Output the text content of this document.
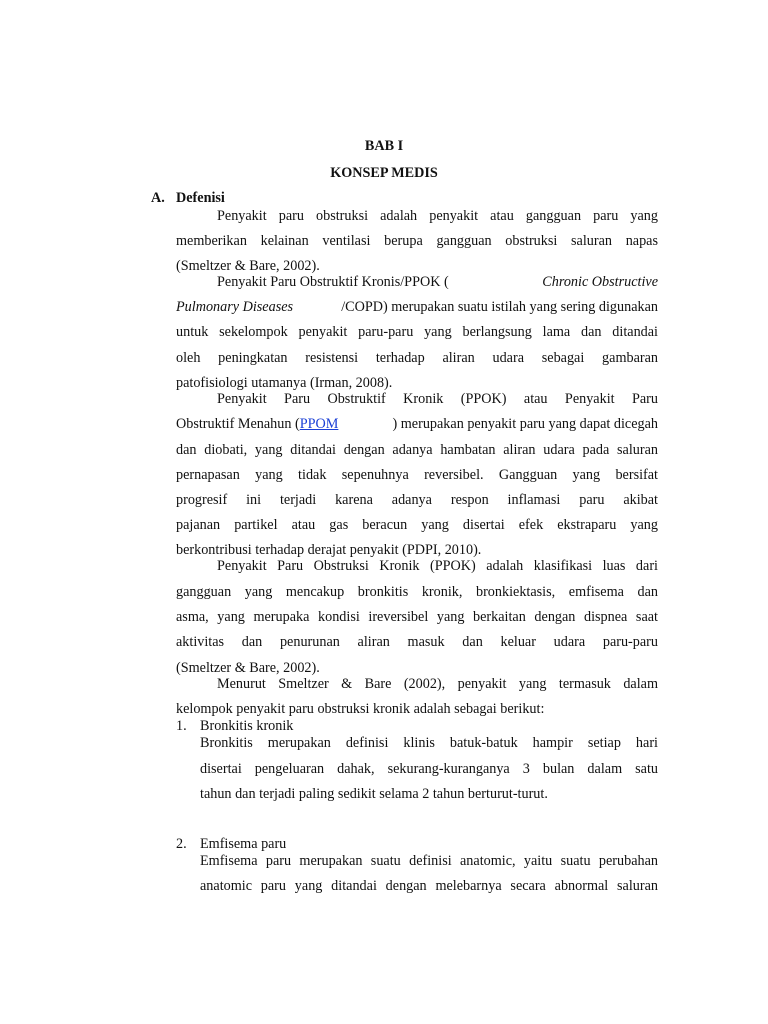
BAB I
KONSEP MEDIS
A. Defenisi
Penyakit paru obstruksi adalah penyakit atau gangguan paru yang
memberikan kelainan ventilasi berupa gangguan obstruksi saluran napas
(Smeltzer & Bare, 2002).
Penyakit Paru Obstruktif Kronis/PPOK (	Chronic Obstructive
Pulmonary Diseases	/COPD) merupakan suatu istilah yang sering digunakan
untuk sekelompok penyakit paru-paru yang berlangsung lama dan ditandai
oleh peningkatan resistensi terhadap aliran udara sebagai gambaran
patofisiologi utamanya (Irman, 2008).
Penyakit Paru Obstruktif Kronik (PPOK) atau Penyakit Paru
Obstruktif Menahun (PPOM	) merupakan penyakit paru yang dapat dicegah
dan diobati, yang ditandai dengan adanya hambatan aliran udara pada saluran
pernapasan yang tidak sepenuhnya reversibel. Gangguan yang bersifat
progresif ini terjadi karena adanya respon inflamasi paru akibat
pajanan partikel atau gas beracun yang disertai efek ekstraparu yang
berkontribusi terhadap derajat penyakit (PDPI, 2010).
Penyakit Paru Obstruksi Kronik (PPOK) adalah klasifikasi luas dari
gangguan yang mencakup bronkitis kronik, bronkiektasis, emfisema dan
asma, yang merupaka kondisi ireversibel yang berkaitan dengan dispnea saat
aktivitas dan penurunan aliran masuk dan keluar udara paru-paru
(Smeltzer & Bare, 2002).
Menurut Smeltzer & Bare (2002), penyakit yang termasuk dalam
kelompok penyakit paru obstruksi kronik adalah sebagai berikut:
1. Bronkitis kronik
Bronkitis merupakan definisi klinis batuk-batuk hampir setiap hari
disertai pengeluaran dahak, sekurang-kuranganya 3 bulan dalam satu
tahun dan terjadi paling sedikit selama 2 tahun berturut-turut.
2. Emfisema paru
Emfisema paru merupakan suatu definisi anatomic, yaitu suatu perubahan
anatomic paru yang ditandai dengan melebarnya secara abnormal saluran
